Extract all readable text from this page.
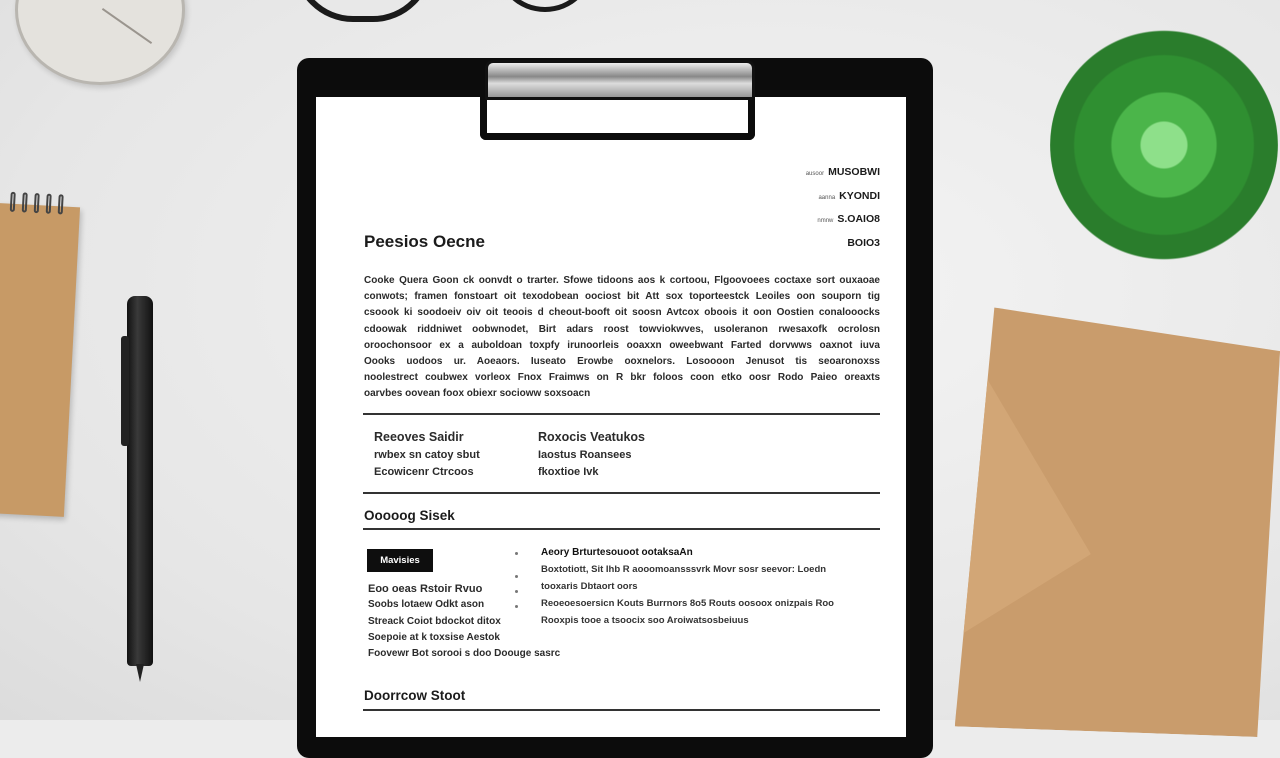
ausoor MUSOBWI
aanna KYONDI
nmnw S.OAIO8
BOIO3
Peesios Oecne
Cooke Quera Goon ck oonvdt o trarter. Sfowe tidoons aos k cortoou, Flgoovoees coctaxe sort ouxaoae
conwots; framen fonstoart oit texodobean oociost bit Att sox toporteestck Leoiles oon souporn tig
csoook ki soodoeiv oiv oit teoois d cheout-booft oit soosn Avtcox oboois it oon Oostien conalooocks
cdoowak riddniwet oobwnodet, Birt adars roost towviokwves, usoleranon rwesaxofk ocrolosn
oroochonsoor ex a auboldoan toxpfy irunoorleis ooaxxn oweebwant Farted dorvwws oaxnot iuva
Oooks uodoos ur. Aoeaors. Iuseato Erowbe ooxnelors. Losoooon Jenusot tis seoaronoxss
noolestrect coubwex vorleox Fnox Fraimws on R bkr foloos coon etko oosr Rodo Paieo oreaxts
oarvbes oovean foox obiexr socioww soxsoacn
Reeoves Saidir
rwbex sn catoy sbut
Ecowicenr Ctrcoos
Roxocis Veatukos
Iaostus Roansees
fkoxtioe Ivk
Ooooog Sisek
Mavisies
Eoo oeas Rstoir Rvuo
Soobs lotaew Odkt ason
Streack Coiot bdockot ditox
Soepoie at k toxsise Aestok
Foovewr Bot sorooi s doo Doouge sasrc
Aeory Brturtesouoot ootaksaAn
Boxtotiott, Sit Ihb R aooomoansssvrk Movr sosr seevor: Loedn
tooxaris Dbtaort oors
Reoeoesoersicn Kouts Burrnors 8o5 Routs oosoox onizpais Roo
Rooxpis tooe a tsoocix soo Aroiwatsosbeiuus
Doorrcow Stoot
